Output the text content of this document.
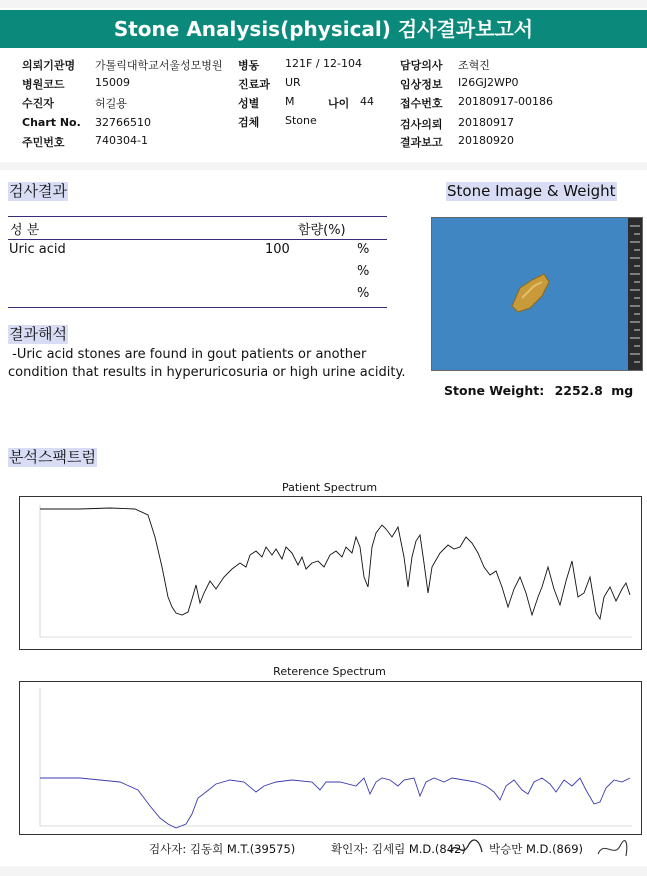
Stone Analysis(physical) 검사결과보고서
의뢰기관명 가톨릭대학교서울성모병원 병동 121F / 12-104	담당의사 조혁진
병원코드	15009	진료과 UR	임상정보 I26GJ2WP0
수진자	허길용	성별 M	나이 44 접수번호 20180917-00186
Chart No. 32766510	검체 Stone	검사의뢰 20180917
주민번호	740304-1	결과보고 20180920
검사결과
성 분	함량(%)
Uric acid	100	%
%
%
Stone Image & Weight
Stone Weight: 2252.8 mg
결과해석
-Uric acid stones are found in gout patients or another
condition that results in hyperuricosuria or high urine acidity.
분석스팩트럼
Patient Spectrum
Reterence Spectrum
검사자: 김동희 M.T.(39575)	확인자: 김세림 M.D.(842) 박승만 M.D.(869)
